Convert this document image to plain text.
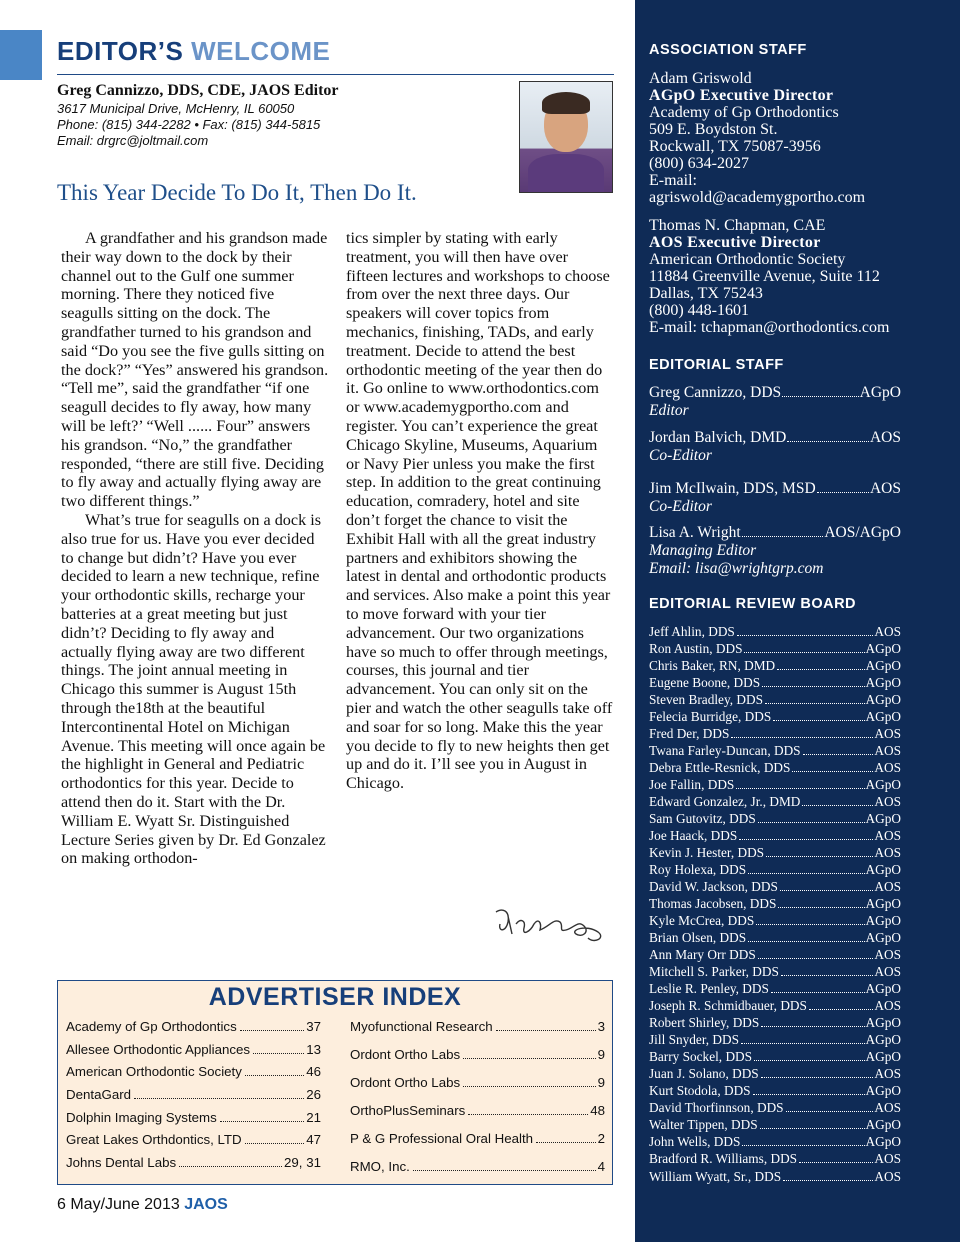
EDITOR’S WELCOME
Greg Cannizzo, DDS, CDE, JAOS Editor
3617 Municipal Drive, McHenry, IL 60050
Phone: (815) 344-2282 • Fax: (815) 344-5815
Email: drgrc@joltmail.com
This Year Decide To Do It, Then Do It.

A grandfather and his grandson made their way down to the dock by their channel out to the Gulf one summer morning. There they noticed five seagulls sitting on the dock. The grandfather turned to his grandson and said “Do you see the five gulls sitting on the dock?” “Yes” answered his grandson. “Tell me”, said the grandfather “if one seagull decides to fly away, how many will be left?’ “Well ...... Four” answers his grandson. “No,” the grandfather responded, “there are still five. Deciding to fly away and actually flying away are two different things.”

What’s true for seagulls on a dock is also true for us. Have you ever decided to change but didn’t? Have you ever decided to learn a new technique, refine your orthodontic skills, recharge your batteries at a great meeting but just didn’t? Deciding to fly away and actually flying away are two different things. The joint annual meeting in Chicago this summer is August 15th through the18th at the beautiful Intercontinental Hotel on Michigan Avenue. This meeting will once again be the highlight in General and Pediatric orthodontics for this year. Decide to attend then do it. Start with the Dr. William E. Wyatt Sr. Distinguished Lecture Series given by Dr. Ed Gonzalez on making orthodon-

tics simpler by stating with early treatment, you will then have over fifteen lectures and workshops to choose from over the next three days. Our speakers will cover topics from mechanics, finishing, TADs, and early treatment. Decide to attend the best orthodontic meeting of the year then do it. Go online to www.orthodontics.com or www.academygportho.com and register. You can’t experience the great Chicago Skyline, Museums, Aquarium or Navy Pier unless you make the first step. In addition to the great continuing education, comradery, hotel and site don’t forget the chance to visit the Exhibit Hall with all the great industry partners and exhibitors showing the latest in dental and orthodontic products and services. Also make a point this year to move forward with your tier advancement. Our two organizations have so much to offer through meetings, courses, this journal and tier advancement. You can only sit on the pier and watch the other seagulls take off and soar for so long. Make this the year you decide to fly to new heights then get up and do it. I’ll see you in August in Chicago.

ADVERTISER INDEX
Academy of Gp Orthodontics	37
Allesee Orthodontic Appliances	13
American Orthodontic Society	46
DentaGard	26
Dolphin Imaging Systems	21
Great Lakes Orthdontics, LTD	47
Johns Dental Labs	29, 31
Myofunctional Research	3
Ordont Ortho Labs	9
Ordont Ortho Labs	9
OrthoPlusSeminars	48
P & G Professional Oral Health	2
RMO, Inc.	4
6 May/June 2013 JAOS
ASSOCIATION STAFF
Adam Griswold
AGpO Executive Director
Academy of Gp Orthodontics
509 E. Boydston St.
Rockwall, TX 75087-3956
(800) 634-2027
E-mail:
agriswold@academygportho.com
Thomas N. Chapman, CAE
AOS Executive Director
American Orthodontic Society
11884 Greenville Avenue, Suite 112
Dallas, TX 75243
(800) 448-1601
E-mail: tchapman@orthodontics.com
EDITORIAL STAFF
Greg Cannizzo, DDS	AGpO
Editor
Jordan Balvich, DMD	AOS
Co-Editor
Jim McIlwain, DDS, MSD	AOS
Co-Editor
Lisa A. Wright	AOS/AGpO
Managing Editor
Email: lisa@wrightgrp.com
EDITORIAL REVIEW BOARD
Jeff Ahlin, DDS	AOS
Ron Austin, DDS	AGpO
Chris Baker, RN, DMD	AGpO
Eugene Boone, DDS	AGpO
Steven Bradley, DDS	AGpO
Felecia Burridge, DDS	AGpO
Fred Der, DDS	AOS
Twana Farley-Duncan, DDS	AOS
Debra Ettle-Resnick, DDS	AOS
Joe Fallin, DDS	AGpO
Edward Gonzalez, Jr., DMD	AOS
Sam Gutovitz, DDS	AGpO
Joe Haack, DDS	AOS
Kevin J. Hester, DDS	AOS
Roy Holexa, DDS	AGpO
David W. Jackson, DDS	AOS
Thomas Jacobsen, DDS	AGpO
Kyle McCrea, DDS	AGpO
Brian Olsen, DDS	AGpO
Ann Mary Orr DDS	AOS
Mitchell S. Parker, DDS	AOS
Leslie R. Penley, DDS	AGpO
Joseph R. Schmidbauer, DDS	AOS
Robert Shirley, DDS	AGpO
Jill Snyder, DDS	AGpO
Barry Sockel, DDS	AGpO
Juan J. Solano, DDS	AOS
Kurt Stodola, DDS	AGpO
David Thorfinnson, DDS	AOS
Walter Tippen, DDS	AGpO
John Wells, DDS	AGpO
Bradford R. Williams, DDS	AOS
William Wyatt, Sr., DDS	AOS
